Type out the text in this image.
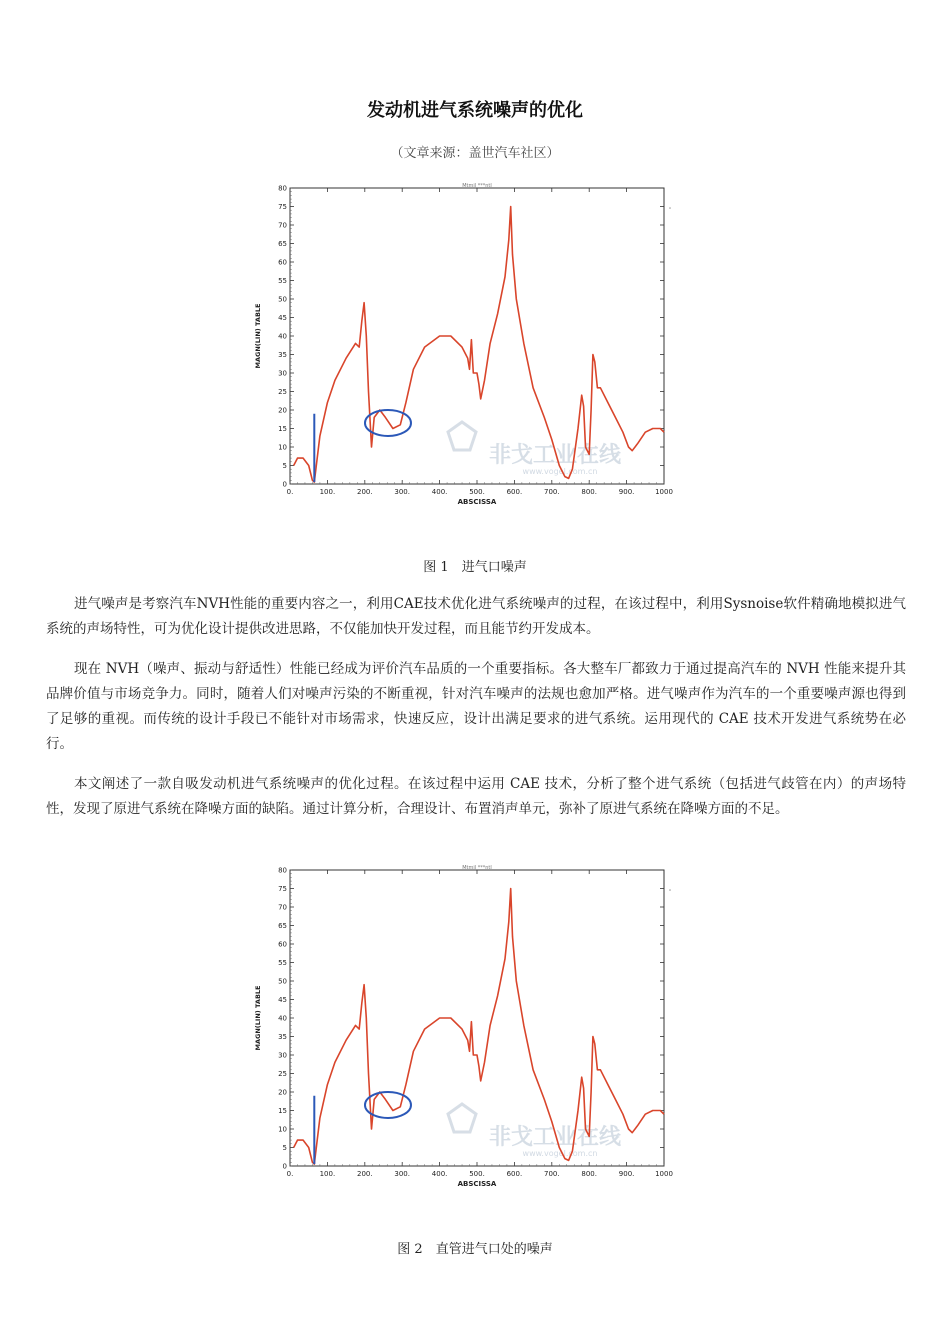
发动机进气系统噪声的优化
（文章来源：盖世汽车社区）
0
5
10
15
20
25
30
35
40
45
50
55
60
65
70
75
80
0.	100.	200.	300.	400.	500.	600.	700.	800.	900.	1000
ABSCISSA
MAGN(LIN) TABLE
Mtmil ***ntl
非戈工业在线
www.vogel.com.cn
图 1　进气口噪声

进气噪声是考察汽车NVH性能的重要内容之一，利用CAE技术优化进气系统噪声的过程，在该过程中，利用Sysnoise软件精确地模拟进气系统的声场特性，可为优化设计提供改进思路，不仅能加快开发过程，而且能节约开发成本。

现在 NVH（噪声、振动与舒适性）性能已经成为评价汽车品质的一个重要指标。各大整车厂都致力于通过提高汽车的 NVH 性能来提升其品牌价值与市场竞争力。同时，随着人们对噪声污染的不断重视，针对汽车噪声的法规也愈加严格。进气噪声作为汽车的一个重要噪声源也得到了足够的重视。而传统的设计手段已不能针对市场需求，快速反应，设计出满足要求的进气系统。运用现代的 CAE 技术开发进气系统势在必行。

本文阐述了一款自吸发动机进气系统噪声的优化过程。在该过程中运用 CAE 技术，分析了整个进气系统（包括进气歧管在内）的声场特性，发现了原进气系统在降噪方面的缺陷。通过计算分析，合理设计、布置消声单元，弥补了原进气系统在降噪方面的不足。

0
5
10
15
20
25
30
35
40
45
50
55
60
65
70
75
80
0.	100.	200.	300.	400.	500.	600.	700.	800.	900.	1000
ABSCISSA
MAGN(LIN) TABLE
Mtmil ***ntl
非戈工业在线
www.vogel.com.cn
图 2　直管进气口处的噪声
